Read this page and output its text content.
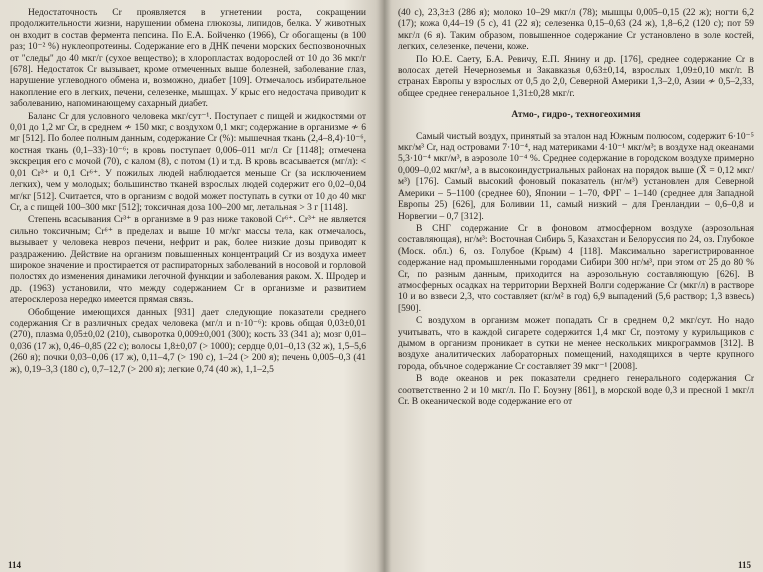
Недостаточность Cr проявляется в угнетении роста, сокращении продолжительности жизни, нарушении обмена глюкозы, липидов, белка. У животных он входит в состав фермента пепсина. По Е.А. Бойченко (1966), Cr обогащены (в 100 раз; 10⁻² %) нуклеопротеины. Содержание его в ДНК печени морских беспозвоночных от "следы" до 40 мкг/г (сухое вещество); в хлоропластах водорослей от 10 до 36 мкг/г [678]. Недостаток Cr вызывает, кроме отмеченных выше болезней, заболевание глаз, нарушение углеводного обмена и, возможно, диабет [109]. Отмечалось избирательное накопление его в легких, печени, селезенке, мышцах. У крыс его недостача приводит к заболеванию, напоминающему сахарный диабет.

Баланс Cr для условного человека мкг/сут⁻¹. Поступает с пищей и жидкостями от 0,01 до 1,2 мг Cr, в среднем ≁ 150 мкг, с воздухом 0,1 мкг; содержание в организме ≁ 6 мг [512]. По более полным данным, содержание Cr (%): мышечная ткань (2,4–8,4)·10⁻⁶, костная ткань (0,1–33)·10⁻⁶; в кровь поступает 0,006–011 мг/л Cr [1148]; отмечена экскреция его с мочой (70), с калом (8), с потом (1) и т.д. В кровь всасывается (мг/л): < 0,01 Cr³⁺ и 0,1 Cr⁶⁺. У пожилых людей наблюдается меньше Cr (за исключением легких), чем у молодых; большинство тканей взрослых людей содержит его 0,02–0,04 мг/кг [512]. Считается, что в организм с водой может поступать в сутки от 10 до 40 мкг Cr, а с пищей 100–300 мкг [512]; токсичная доза 100–200 мг, летальная > 3 г [1148].

Степень всасывания Cr³⁺ в организме в 9 раз ниже таковой Cr⁶⁺. Cr³⁺ не является сильно токсичным; Cr⁶⁺ в пределах и выше 10 мг/кг массы тела, как отмечалось, вызывает у человека невроз печени, нефрит и рак, более низкие дозы приводят к раздражению. Действие на организм повышенных концентраций Cr из воздуха имеет широкое значение и простирается от распираторных заболеваний в носовой и горловой полостях до изменения динамики легочной функции и заболевания раком. Х. Шродер и др. (1963) установили, что между содержанием Cr в организме и развитием атеросклероза нередко имеется прямая связь.

Обобщение имеющихся данных [931] дает следующие показатели среднего содержания Cr в различных средах человека (мг/л и n·10⁻⁶): кровь общая 0,03±0,01 (270), плазма 0,05±0,02 (210), сыворотка 0,009±0,001 (300); кость 33 (341 а); мозг 0,01–0,036 (17 ж), 0,46–0,85 (22 с); волосы 1,8±0,07 (> 1000); сердце 0,01–0,13 (32 ж), 1,5–5,6 (260 я); почки 0,03–0,06 (17 ж), 0,11–4,7 (> 190 с), 1–24 (> 200 я); печень 0,005–0,3 (41 ж), 0,19–3,3 (180 с), 0,7–12,7 (> 200 я); легкие 0,74 (40 ж), 1,1–2,5

114

(40 с), 23,3±3 (286 я); молоко 10–29 мкг/л (78); мышцы 0,005–0,15 (22 ж); ногти 6,2 (17); кожа 0,44–19 (5 с), 41 (22 я); селезенка 0,15–0,63 (24 ж), 1,8–6,2 (120 с); пот 59 мкг/л (6 я). Таким образом, повышенное содержание Cr установлено в золе костей, легких, селезенке, печени, коже.

По Ю.Е. Саету, Б.А. Ревичу, Е.П. Янину и др. [176], среднее содержание Cr в волосах детей Нечерноземья и Закавказья 0,63±0,14, взрослых 1,09±0,10 мкг/г. В странах Европы у взрослых от 0,5 до 2,0, Северной Америки 1,3–2,0, Азии ≁ 0,5–2,33, общее среднее генеральное 1,31±0,28 мкг/г.

Атмо-, гидро-, техногеохимия

Самый чистый воздух, принятый за эталон над Южным полюсом, содержит 6·10⁻⁵ мкг/м³ Cr, над островами 7·10⁻⁴, над материками 4·10⁻¹ мкг/м³; в воздухе над океанами 5,3·10⁻⁴ мкг/м³, в аэрозоле 10⁻⁴ %. Среднее содержание в городском воздухе примерно 0,009–0,02 мкг/м³, а в высокоиндустриальных районах на порядок выше (X̄ = 0,12 мкг/м³) [176]. Самый высокий фоновый показатель (нг/м³) установлен для Северной Америки – 5–1100 (среднее 60), Японии – 1–70, ФРГ – 1–140 (среднее для Западной Европы 25) [626], для Боливии 11, самый низкий – для Гренландии – 0,6–0,8 и Норвегии – 0,7 [312].

В СНГ содержание Cr в фоновом атмосферном воздухе (аэрозольная составляющая), нг/м³: Восточная Сибирь 5, Казахстан и Белоруссия по 24, оз. Глубокое (Моск. обл.) 6, оз. Голубое (Крым) 4 [118]. Максимально зарегистрированное содержание над промышленными городами Сибири 300 нг/м³, при этом от 25 до 80 % Cr, по разным данным, приходится на аэрозольную составляющую [626]. В атмосферных осадках на территории Верхней Волги содержание Cr (мкг/л) в растворе 10 и во взвеси 2,3, что составляет (кг/м² в год) 6,9 выпадений (5,6 раствор; 1,3 взвесь) [590].

С воздухом в организм может попадать Cr в среднем 0,2 мкг/сут. Но надо учитывать, что в каждой сигарете содержится 1,4 мкг Cr, поэтому у курильщиков с дымом в организм проникает в сутки не менее нескольких микрограммов [312]. В воздухе аналитических лабораторных помещений, находящихся в черте крупного города, объчное содержание Cr составляет 39 мкг⁻¹ [2008].

В воде океанов и рек показатели среднего генерального содержания Cr соответственно 2 и 10 мкг/л. По Г. Боуэну [861], в морской воде 0,3 и пресной 1 мкг/л Cr. В океанической воде содержание его от

115
